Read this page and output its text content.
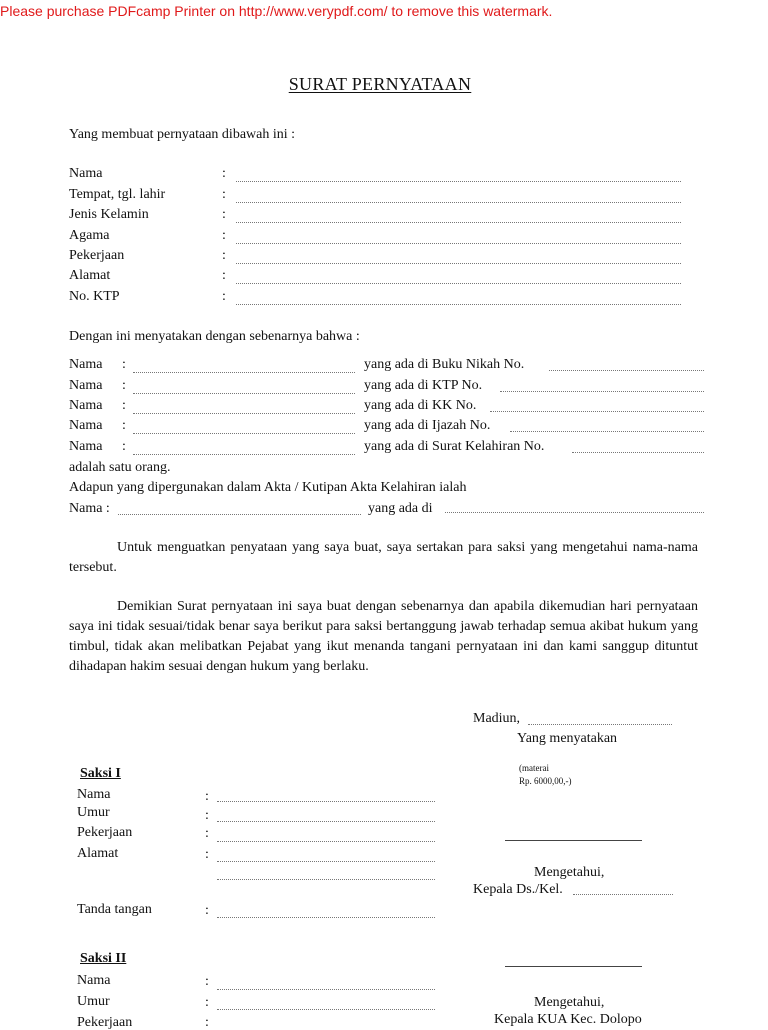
Please purchase PDFcamp Printer on http://www.verypdf.com/ to remove this watermark.
SURAT PERNYATAAN
Yang membuat pernyataan dibawah ini :
Nama	:
Tempat, tgl. lahir	:
Jenis Kelamin	:
Agama	:
Pekerjaan	:
Alamat	:
No. KTP	:
Dengan ini menyatakan dengan sebenarnya bahwa :
Nama :	yang ada di Buku Nikah No.
Nama :	yang ada di KTP No.
Nama :	yang ada di KK No.
Nama :	yang ada di Ijazah No.
Nama :	yang ada di Surat Kelahiran No.
adalah satu orang.
Adapun yang dipergunakan dalam Akta / Kutipan Akta Kelahiran ialah
Nama :	yang ada di

Untuk menguatkan penyataan yang saya buat, saya sertakan para saksi yang mengetahui nama-nama tersebut.

Demikian Surat pernyataan ini saya buat dengan sebenarnya dan apabila dikemudian hari pernyataan saya ini tidak sesuai/tidak benar saya berikut para saksi bertanggung jawab terhadap semua akibat hukum yang timbul, tidak akan melibatkan Pejabat yang ikut menanda tangani pernyataan ini dan kami sanggup dituntut dihadapan hakim sesuai dengan hukum yang berlaku.

Madiun,
Yang menyatakan
(materai
Rp. 6000,00,-)
Mengetahui,
Kepala Ds./Kel.
Mengetahui,
Kepala KUA Kec. Dolopo
Saksi I
Nama	:
Umur	:
Pekerjaan	:
Alamat	:
Tanda tangan	:
Saksi II
Nama	:
Umur	:
Pekerjaan	:
